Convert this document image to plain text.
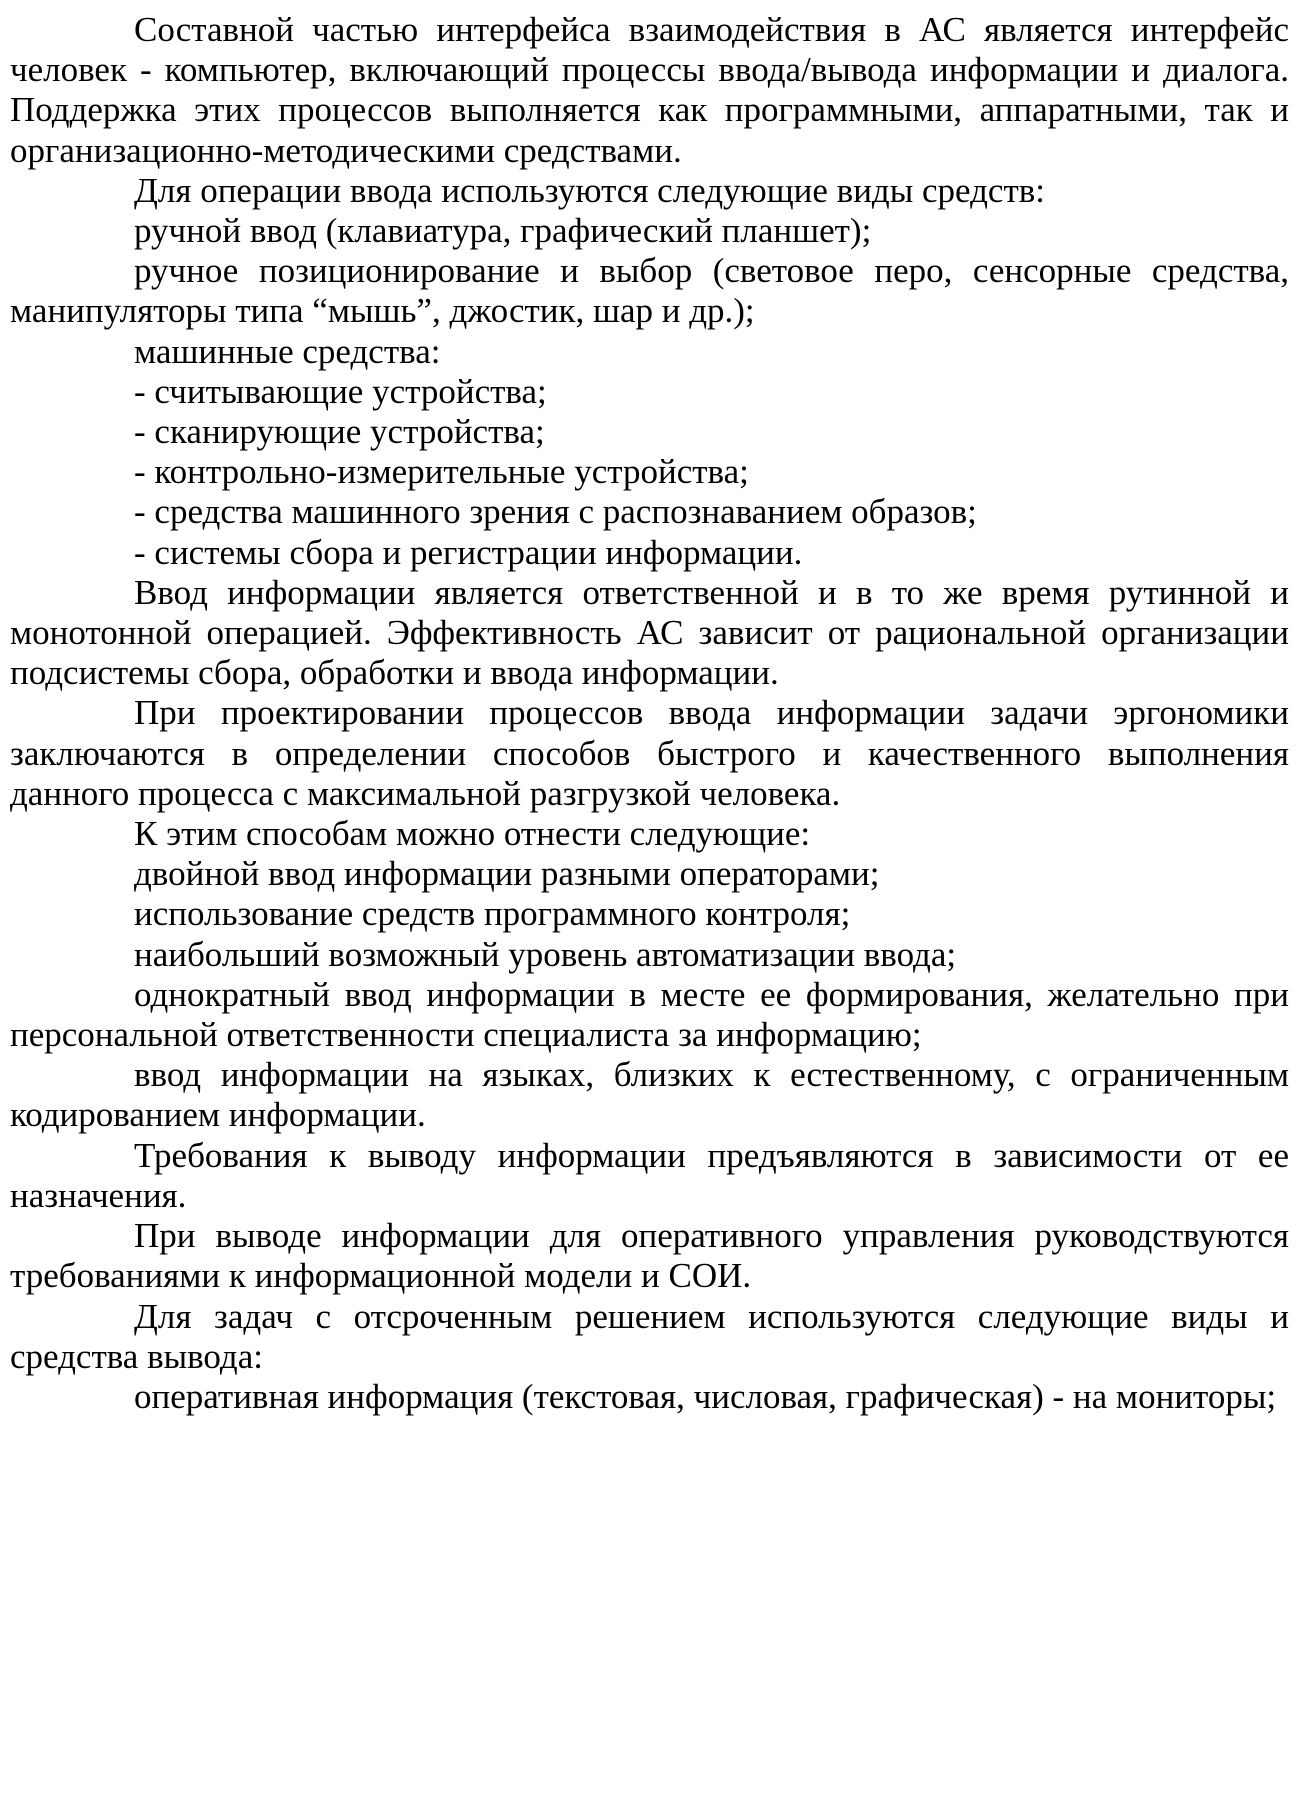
Составной частью интерфейса взаимодействия в АС является интерфейс человек - компьютер, включающий процессы ввода/вывода информации и диалога. Поддержка этих процессов выполняется как программными, аппаратными, так и организационно-методическими средствами.

Для операции ввода используются следующие виды средств:

ручной ввод (клавиатура, графический планшет);

ручное позиционирование и выбор (световое перо, сенсорные средства, манипуляторы типа “мышь”, джостик, шар и др.);

машинные средства:

- считывающие устройства;

- сканирующие устройства;

- контрольно-измерительные устройства;

- средства машинного зрения с распознаванием образов;

- системы сбора и регистрации информации.

Ввод информации является ответственной и в то же время рутинной и монотонной операцией. Эффективность АС зависит от рациональной организации подсистемы сбора, обработки и ввода информации.

При проектировании процессов ввода информации задачи эргономики заключаются в определении способов быстрого и качественного выполнения данного процесса с максимальной разгрузкой человека.

К этим способам можно отнести следующие:

двойной ввод информации разными операторами;

использование средств программного контроля;

наибольший возможный уровень автоматизации ввода;

однократный ввод информации в месте ее формирования, желательно при персональной ответственности специалиста за информацию;

ввод информации на языках, близких к естественному, с ограниченным кодированием информации.

Требования к выводу информации предъявляются в зависимости от ее назначения.

При выводе информации для оперативного управления руководствуются требованиями к информационной модели и СОИ.

Для задач с отсроченным решением используются следующие виды и средства вывода:

оперативная информация (текстовая, числовая, графическая) - на мониторы;
